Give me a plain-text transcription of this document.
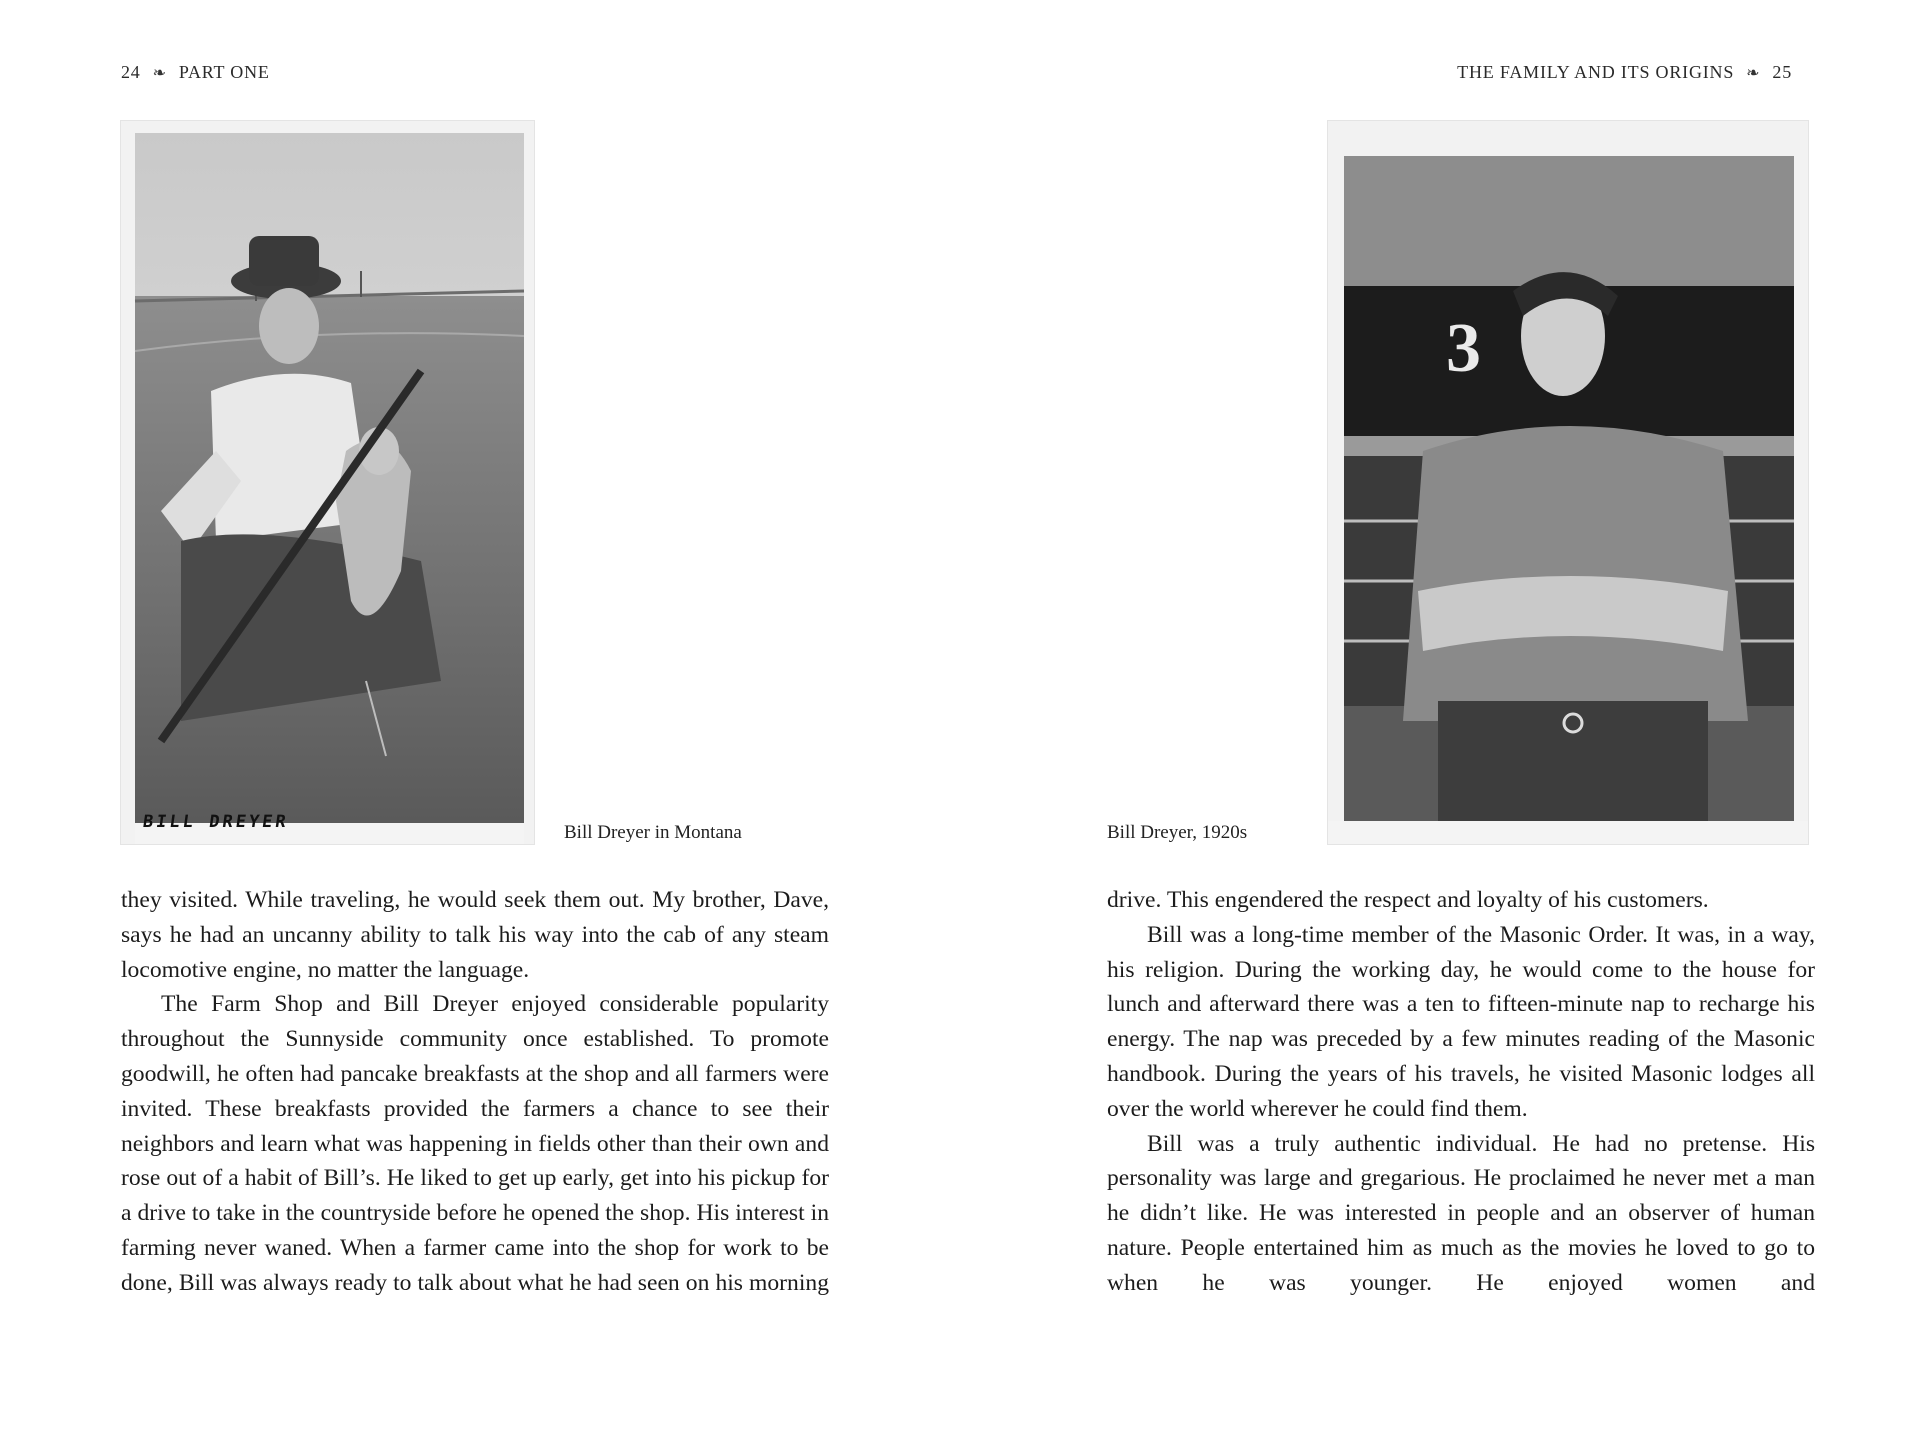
24 ❧ PART ONE
BILL DREYER	Bill Dreyer in Montana

they visited. While traveling, he would seek them out. My brother, Dave, says he had an uncanny ability to talk his way into the cab of any steam locomotive engine, no matter the language.

The Farm Shop and Bill Dreyer enjoyed considerable popularity throughout the Sunnyside community once established. To promote goodwill, he often had pancake breakfasts at the shop and all farmers were invited. These breakfasts provided the farmers a chance to see their neighbors and learn what was happening in fields other than their own and rose out of a habit of Bill’s. He liked to get up early, get into his pickup for a drive to take in the countryside before he opened the shop. His interest in farming never waned. When a farmer came into the shop for work to be done, Bill was always ready to talk about what he had seen on his morning

THE FAMILY AND ITS ORIGINS ❧ 25
3
Bill Dreyer, 1920s

drive. This engendered the respect and loyalty of his customers.

Bill was a long-time member of the Masonic Order. It was, in a way, his religion. During the working day, he would come to the house for lunch and afterward there was a ten to fifteen-minute nap to recharge his energy. The nap was preceded by a few minutes reading of the Masonic handbook. During the years of his travels, he visited Masonic lodges all over the world wherever he could find them.

Bill was a truly authentic individual. He had no pretense. His personality was large and gregarious. He proclaimed he never met a man he didn’t like. He was interested in people and an observer of human nature. People entertained him as much as the movies he loved to go to when he was younger. He enjoyed women and
